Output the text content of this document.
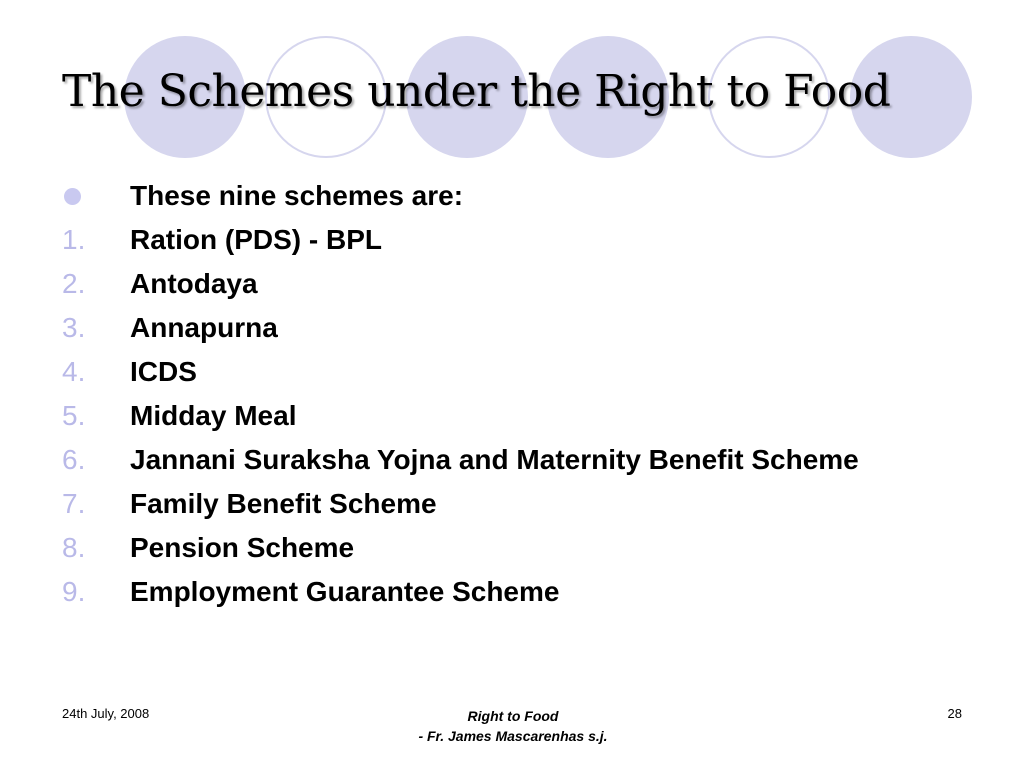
The Schemes under the Right to Food
These nine schemes are:
1.	Ration (PDS) - BPL
2.	Antodaya
3.	Annapurna
4.	ICDS
5.	Midday Meal
6.	Jannani Suraksha Yojna and Maternity Benefit Scheme
7.	Family Benefit Scheme
8.	Pension Scheme
9.	Employment Guarantee Scheme
24th July, 2008	Right to Food
- Fr. James Mascarenhas s.j.
28
